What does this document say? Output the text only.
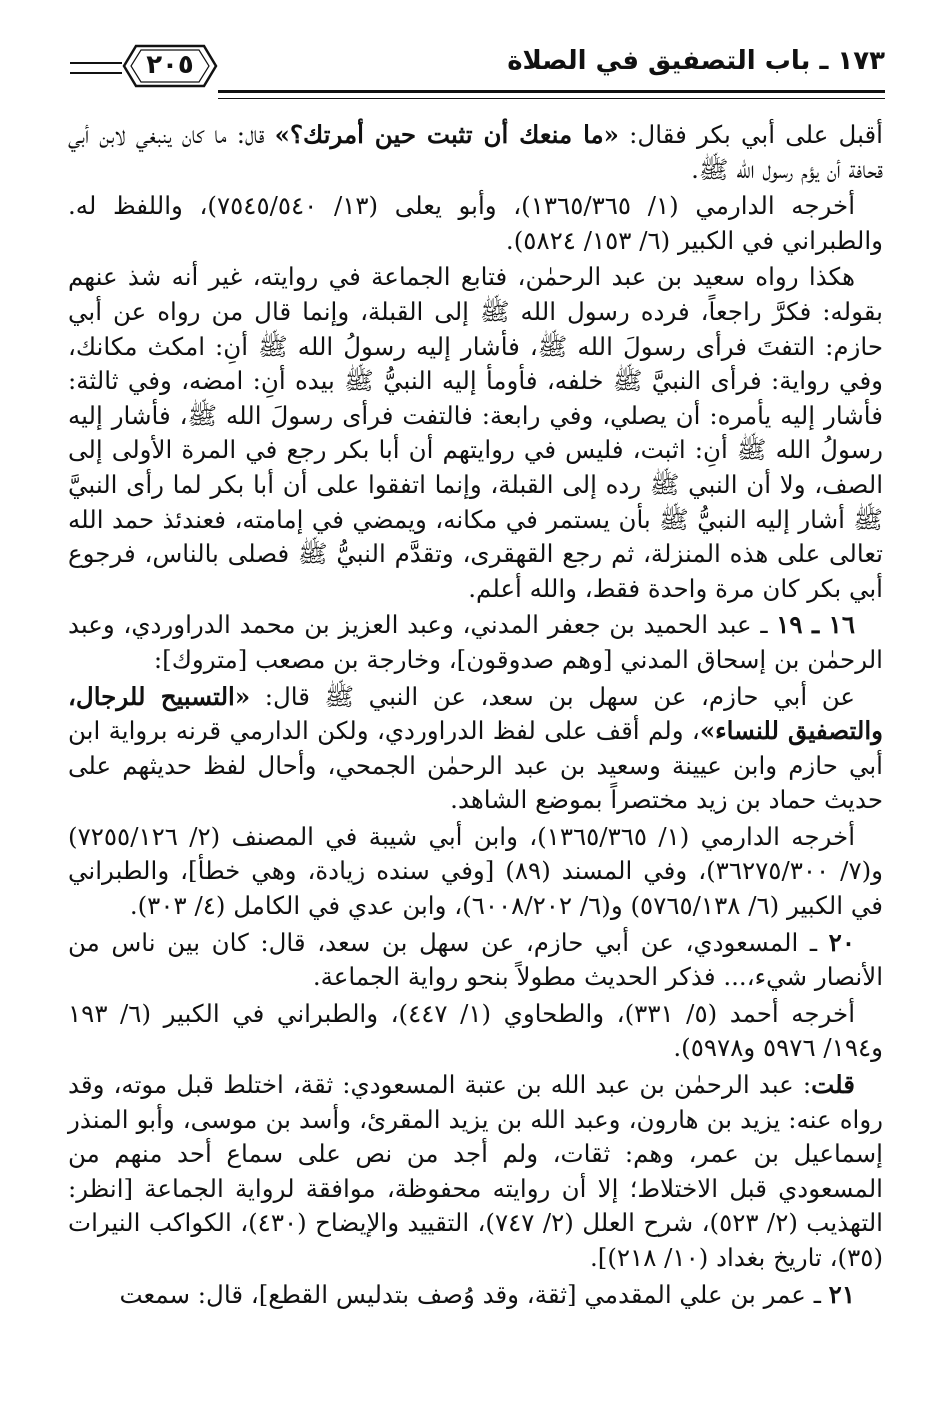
٢٠٥	١٧٣ ـ باب التصفيق في الصلاة

أقبل على أبي بكر فقال: «ما منعك أن تثبت حين أمرتك؟» قال: ما كان ينبغي لابن أبي قحافة أن يؤم رسول الله ﷺ.

أخرجه الدارمي (١/ ١٣٦٥/٣٦٥)، وأبو يعلى (١٣/ ٧٥٤٥/٥٤٠)، واللفظ له. والطبراني في الكبير (٦/ ١٥٣/ ٥٨٢٤).

هكذا رواه سعيد بن عبد الرحمٰن، فتابع الجماعة في روايته، غير أنه شذ عنهم بقوله: فكرَّ راجعاً، فرده رسول الله ﷺ إلى القبلة، وإنما قال من رواه عن أبي حازم: التفتَ فرأى رسولَ الله ﷺ، فأشار إليه رسولُ الله ﷺ أنِ: امكث مكانك، وفي رواية: فرأى النبيَّ ﷺ خلفه، فأومأ إليه النبيُّ ﷺ بيده أنِ: امضه، وفي ثالثة: فأشار إليه يأمره: أن يصلي، وفي رابعة: فالتفت فرأى رسولَ الله ﷺ، فأشار إليه رسولُ الله ﷺ أنِ: اثبت، فليس في روايتهم أن أبا بكر رجع في المرة الأولى إلى الصف، ولا أن النبي ﷺ رده إلى القبلة، وإنما اتفقوا على أن أبا بكر لما رأى النبيَّ ﷺ أشار إليه النبيُّ ﷺ بأن يستمر في مكانه، ويمضي في إمامته، فعندئذ حمد الله تعالى على هذه المنزلة، ثم رجع القهقرى، وتقدَّم النبيُّ ﷺ فصلى بالناس، فرجوع أبي بكر كان مرة واحدة فقط، والله أعلم.

١٦ ـ ١٩ ـ عبد الحميد بن جعفر المدني، وعبد العزيز بن محمد الدراوردي، وعبد الرحمٰن بن إسحاق المدني [وهم صدوقون]، وخارجة بن مصعب [متروك]:

عن أبي حازم، عن سهل بن سعد، عن النبي ﷺ قال: «التسبيح للرجال، والتصفيق للنساء»، ولم أقف على لفظ الدراوردي، ولكن الدارمي قرنه برواية ابن أبي حازم وابن عيينة وسعيد بن عبد الرحمٰن الجمحي، وأحال لفظ حديثهم على حديث حماد بن زيد مختصراً بموضع الشاهد.

أخرجه الدارمي (١/ ١٣٦٥/٣٦٥)، وابن أبي شيبة في المصنف (٢/ ٧٢٥٥/١٢٦) و(٧/ ٣٦٢٧٥/٣٠٠)، وفي المسند (٨٩) [وفي سنده زيادة، وهي خطأ]، والطبراني في الكبير (٦/ ٥٧٦٥/١٣٨) و(٦/ ٦٠٠٨/٢٠٢)، وابن عدي في الكامل (٤/ ٣٠٣).

٢٠ ـ المسعودي، عن أبي حازم، عن سهل بن سعد، قال: كان بين ناس من الأنصار شيء،... فذكر الحديث مطولاً بنحو رواية الجماعة.

أخرجه أحمد (٥/ ٣٣١)، والطحاوي (١/ ٤٤٧)، والطبراني في الكبير (٦/ ١٩٣ و١٩٤/ ٥٩٧٦ و٥٩٧٨).

قلت: عبد الرحمٰن بن عبد الله بن عتبة المسعودي: ثقة، اختلط قبل موته، وقد رواه عنه: يزيد بن هارون، وعبد الله بن يزيد المقرئ، وأسد بن موسى، وأبو المنذر إسماعيل بن عمر، وهم: ثقات، ولم أجد من نص على سماع أحد منهم من المسعودي قبل الاختلاط؛ إلا أن روايته محفوظة، موافقة لرواية الجماعة [انظر: التهذيب (٢/ ٥٢٣)، شرح العلل (٢/ ٧٤٧)، التقييد والإيضاح (٤٣٠)، الكواكب النيرات (٣٥)، تاريخ بغداد (١٠/ ٢١٨)].

٢١ ـ عمر بن علي المقدمي [ثقة، وقد وُصف بتدليس القطع]، قال: سمعت
